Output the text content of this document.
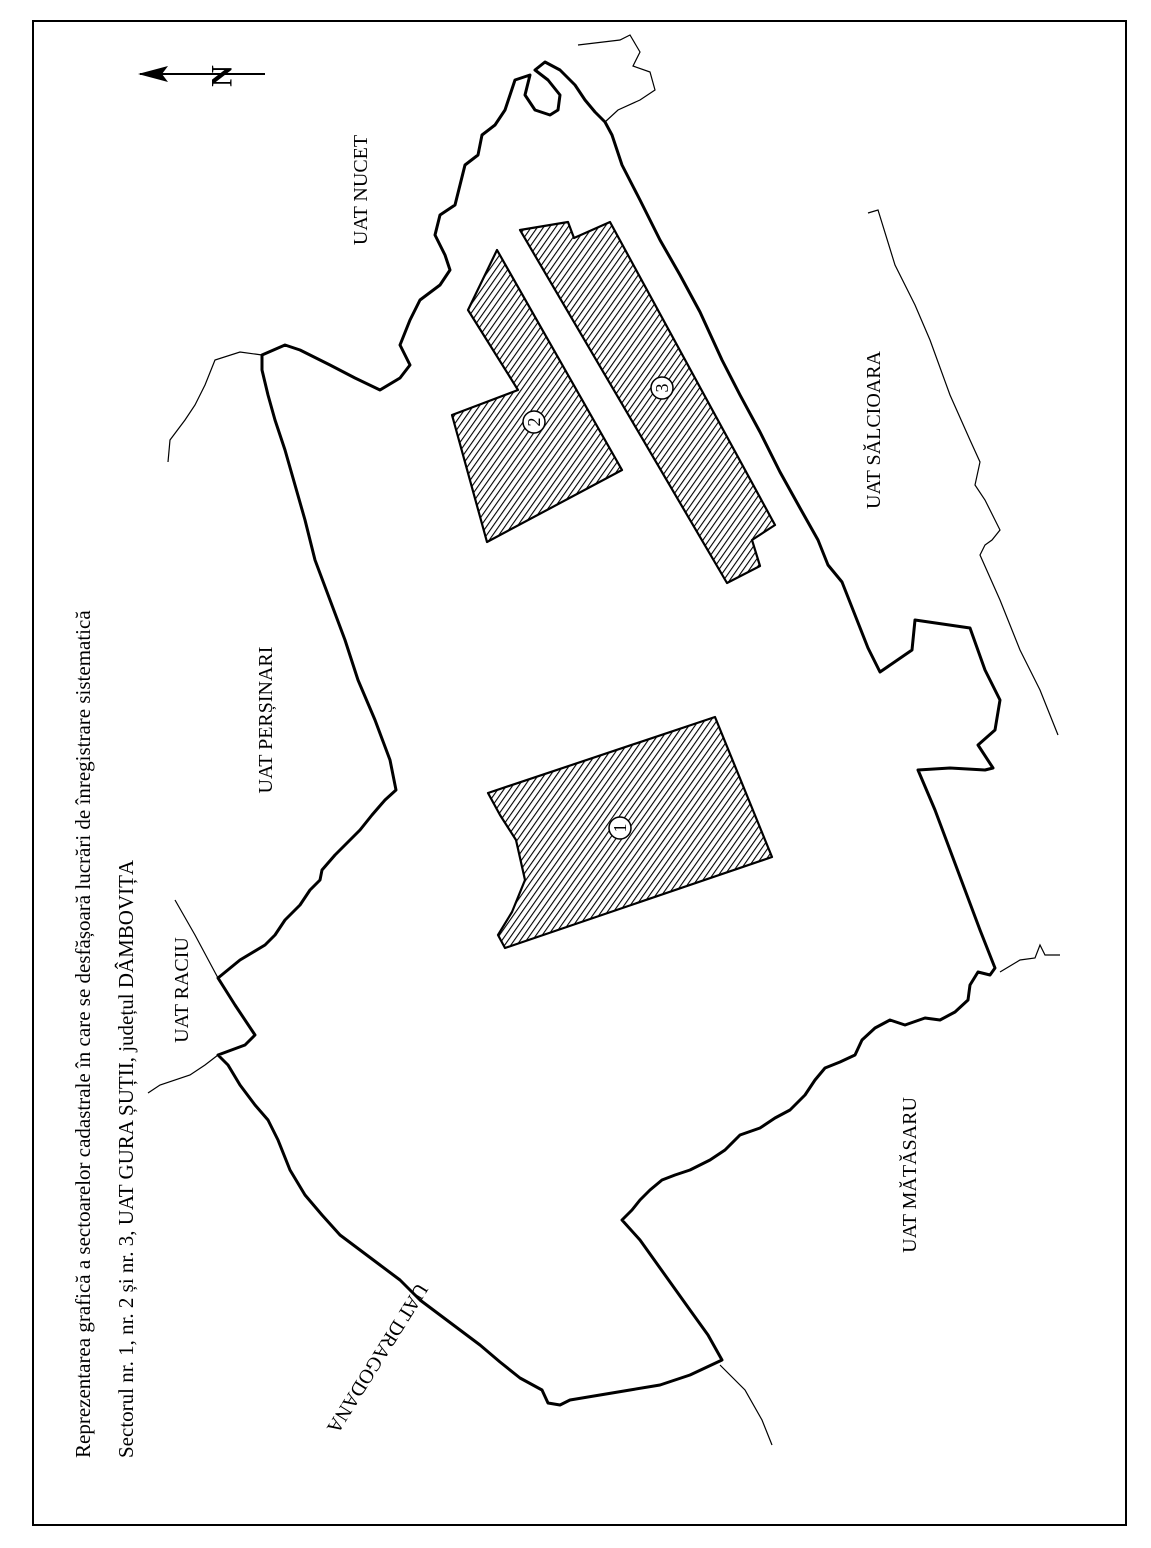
1
2
3
N
Reprezentarea grafică a sectoarelor cadastrale în care se desfășoară lucrări de înregistrare sistematică Sectorul nr. 1, nr. 2 și nr. 3, UAT GURA ȘUȚII, județul DÂMBOVIȚA
UAT NUCET
UAT SĂLCIOARA
UAT PERȘINARI
UAT RACIU
UAT MĂTĂSARU
UAT DRAGODANA
